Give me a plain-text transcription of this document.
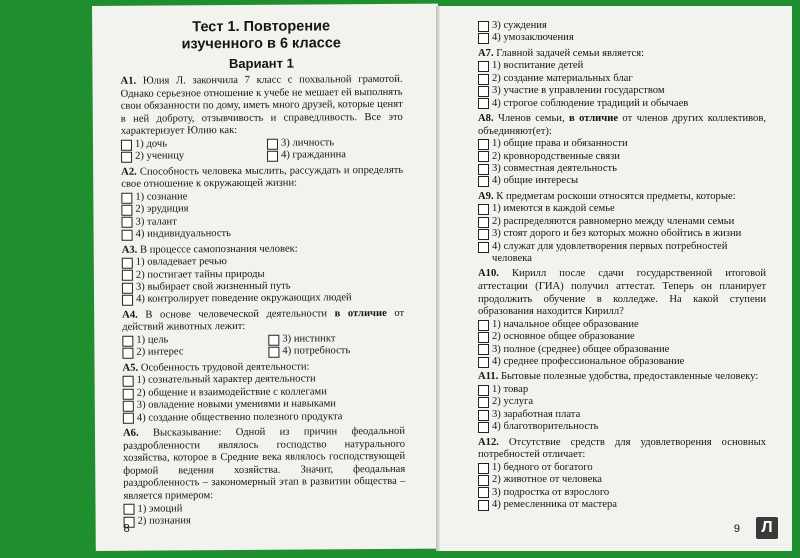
Тест 1. Повторение
изученного в 6 классе
Вариант 1
А1. Юлия Л. закончила 7 класс с похвальной грамотой. Однако серьезное отношение к учебе не мешает ей выполнять свои обязанности по дому, иметь много друзей, которые ценят в ней доброту, отзывчивость и справедливость. Все это характеризует Юлию как:
1) дочь	3) личность
2) ученицу	4) гражданина
А2. Способность человека мыслить, рассуждать и определять свое отношение к окружающей жизни:
1) сознание
2) эрудиция
3) талант
4) индивидуальность
А3. В процессе самопознания человек:
1) овладевает речью
2) постигает тайны природы
3) выбирает свой жизненный путь
4) контролирует поведение окружающих людей
А4. В основе человеческой деятельности в отличие от действий животных лежит:
1) цель	3) инстинкт
2) интерес	4) потребность
А5. Особенность трудовой деятельности:
1) сознательный характер деятельности
2) общение и взаимодействие с коллегами
3) овладение новыми умениями и навыками
4) создание общественно полезного продукта
А6. Высказывание: Одной из причин феодальной раздробленности являлось господство натурального хозяйства, которое в Средние века являлось господствующей формой ведения хозяйства. Значит, феодальная раздробленность – закономерный этап в развитии общества – является примером:
1) эмоций
2) познания
8
3) суждения
4) умозаключения
А7. Главной задачей семьи является:
1) воспитание детей
2) создание материальных благ
3) участие в управлении государством
4) строгое соблюдение традиций и обычаев
А8. Членов семьи, в отличие от членов других коллективов, объединяют(ет):
1) общие права и обязанности
2) кровнородственные связи
3) совместная деятельность
4) общие интересы
А9. К предметам роскоши относятся предметы, которые:
1) имеются в каждой семье
2) распределяются равномерно между членами семьи
3) стоят дорого и без которых можно обойтись в жизни
4) служат для удовлетворения первых потребностей человека
А10. Кирилл после сдачи государственной итоговой аттестации (ГИА) получил аттестат. Теперь он планирует продолжить обучение в колледже. На какой ступени образования находится Кирилл?
1) начальное общее образование
2) основное общее образование
3) полное (среднее) общее образование
4) среднее профессиональное образование
А11. Бытовые полезные удобства, предоставленные человеку:
1) товар
2) услуга
3) заработная плата
4) благотворительность
А12. Отсутствие средств для удовлетворения основных потребностей отличает:
1) бедного от богатого
2) животное от человека
3) подростка от взрослого
4) ремесленника от мастера
9	Л
